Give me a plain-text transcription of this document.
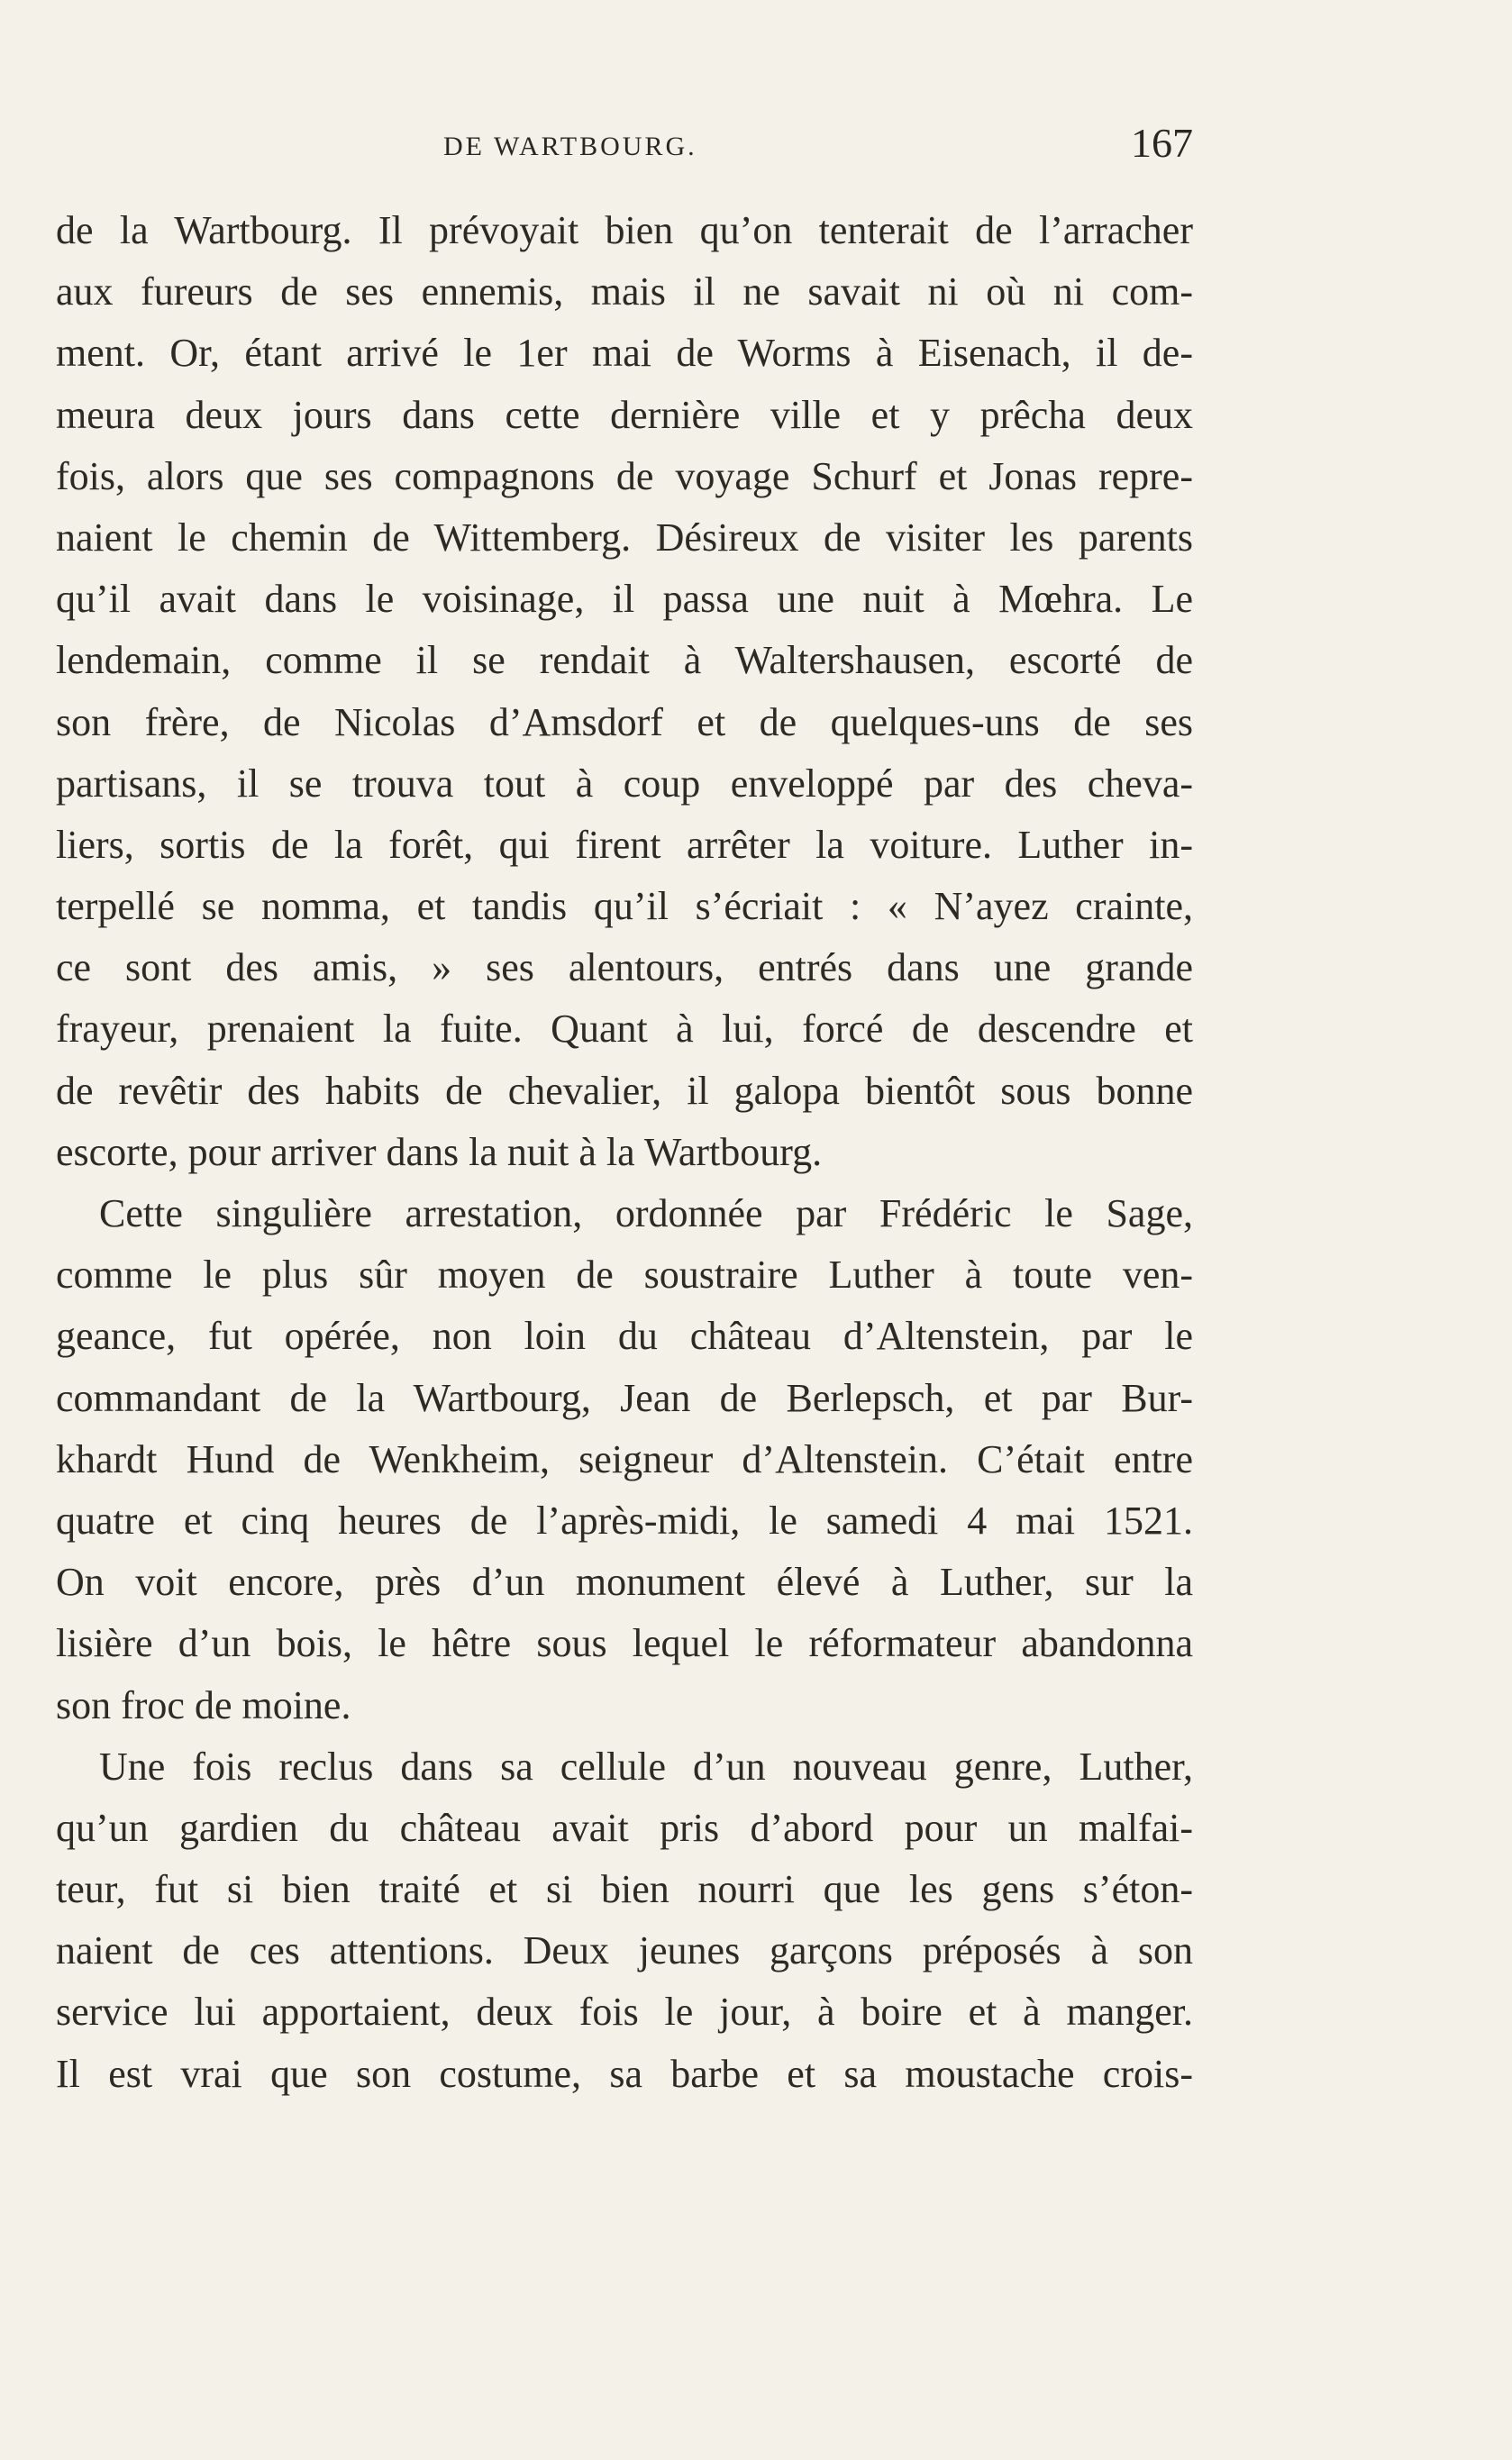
DE WARTBOURG.	167
de la Wartbourg. Il prévoyait bien qu’on tenterait de l’arracher
aux fureurs de ses ennemis, mais il ne savait ni où ni com-
ment. Or, étant arrivé le 1er mai de Worms à Eisenach, il de-
meura deux jours dans cette dernière ville et y prêcha deux
fois, alors que ses compagnons de voyage Schurf et Jonas repre-
naient le chemin de Wittemberg. Désireux de visiter les parents
qu’il avait dans le voisinage, il passa une nuit à Mœhra. Le
lendemain, comme il se rendait à Waltershausen, escorté de
son frère, de Nicolas d’Amsdorf et de quelques-uns de ses
partisans, il se trouva tout à coup enveloppé par des cheva-
liers, sortis de la forêt, qui firent arrêter la voiture. Luther in-
terpellé se nomma, et tandis qu’il s’écriait : « N’ayez crainte,
ce sont des amis, » ses alentours, entrés dans une grande
frayeur, prenaient la fuite. Quant à lui, forcé de descendre et
de revêtir des habits de chevalier, il galopa bientôt sous bonne
escorte, pour arriver dans la nuit à la Wartbourg.
Cette singulière arrestation, ordonnée par Frédéric le Sage,
comme le plus sûr moyen de soustraire Luther à toute ven-
geance, fut opérée, non loin du château d’Altenstein, par le
commandant de la Wartbourg, Jean de Berlepsch, et par Bur-
khardt Hund de Wenkheim, seigneur d’Altenstein. C’était entre
quatre et cinq heures de l’après-midi, le samedi 4 mai 1521.
On voit encore, près d’un monument élevé à Luther, sur la
lisière d’un bois, le hêtre sous lequel le réformateur abandonna
son froc de moine.
Une fois reclus dans sa cellule d’un nouveau genre, Luther,
qu’un gardien du château avait pris d’abord pour un malfai-
teur, fut si bien traité et si bien nourri que les gens s’éton-
naient de ces attentions. Deux jeunes garçons préposés à son
service lui apportaient, deux fois le jour, à boire et à manger.
Il est vrai que son costume, sa barbe et sa moustache crois-
